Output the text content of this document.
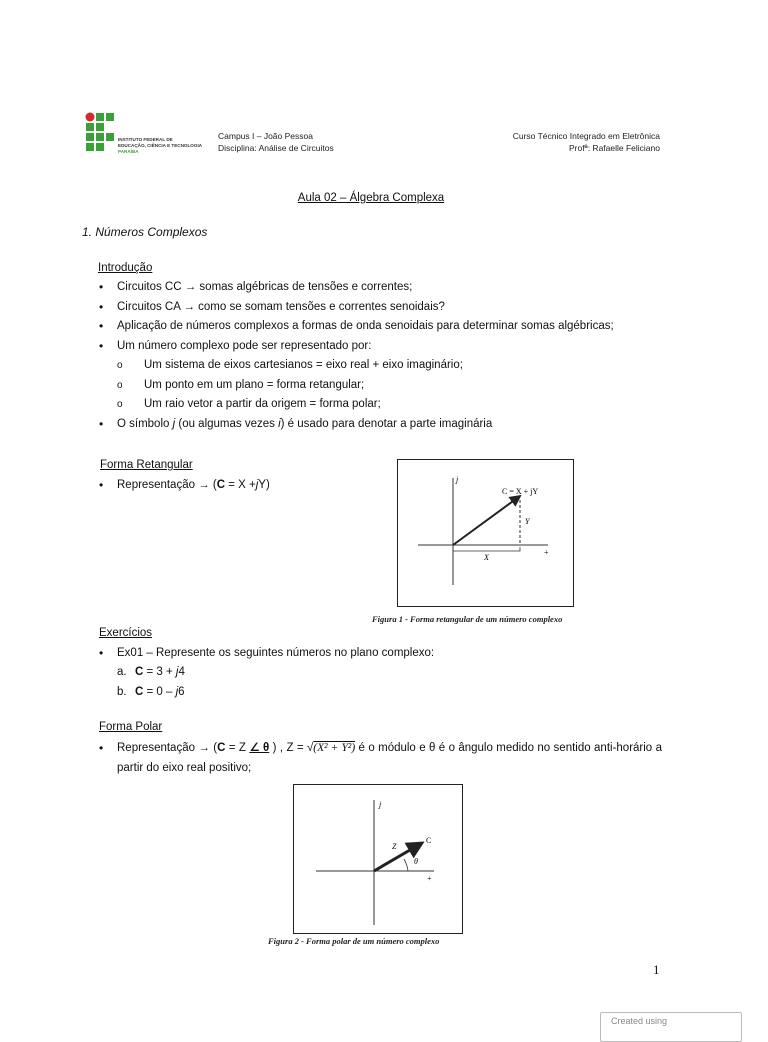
INSTITUTO FEDERAL DE
EDUCAÇÃO, CIÊNCIA E TECNOLOGIA
PARAÍBA
Campus I – João Pessoa
Disciplina: Análise de Circuitos
Curso Técnico Integrado em Eletrônica
Profª: Rafaelle Feliciano
Aula 02 – Álgebra Complexa
1. Números Complexos
Introdução
• Circuitos CC → somas algébricas de tensões e correntes;
• Circuitos CA → como se somam tensões e correntes senoidais?
• Aplicação de números complexos a formas de onda senoidais para determinar somas algébricas;
• Um número complexo pode ser representado por:
o Um sistema de eixos cartesianos = eixo real + eixo imaginário;
o Um ponto em um plano = forma retangular;
o Um raio vetor a partir da origem = forma polar;
• O símbolo j (ou algumas vezes i) é usado para denotar a parte imaginária
Forma Retangular
• Representação → (C = X +jY)	j
C = X + jY
Y
X
+
Figura 1 - Forma retangular de um número complexo
Exercícios
• Ex01 – Represente os seguintes números no plano complexo:
a. C = 3 + j4
b. C = 0 – j6
Forma Polar
• Representação → (C = Z ∠ θ ) , Z = √(X² + Y²) é o módulo e θ é o ângulo medido no sentido anti-horário a partir do eixo real positivo;
j
Z
C
θ
+
Figura 2 - Forma polar de um número complexo
1
Created using
